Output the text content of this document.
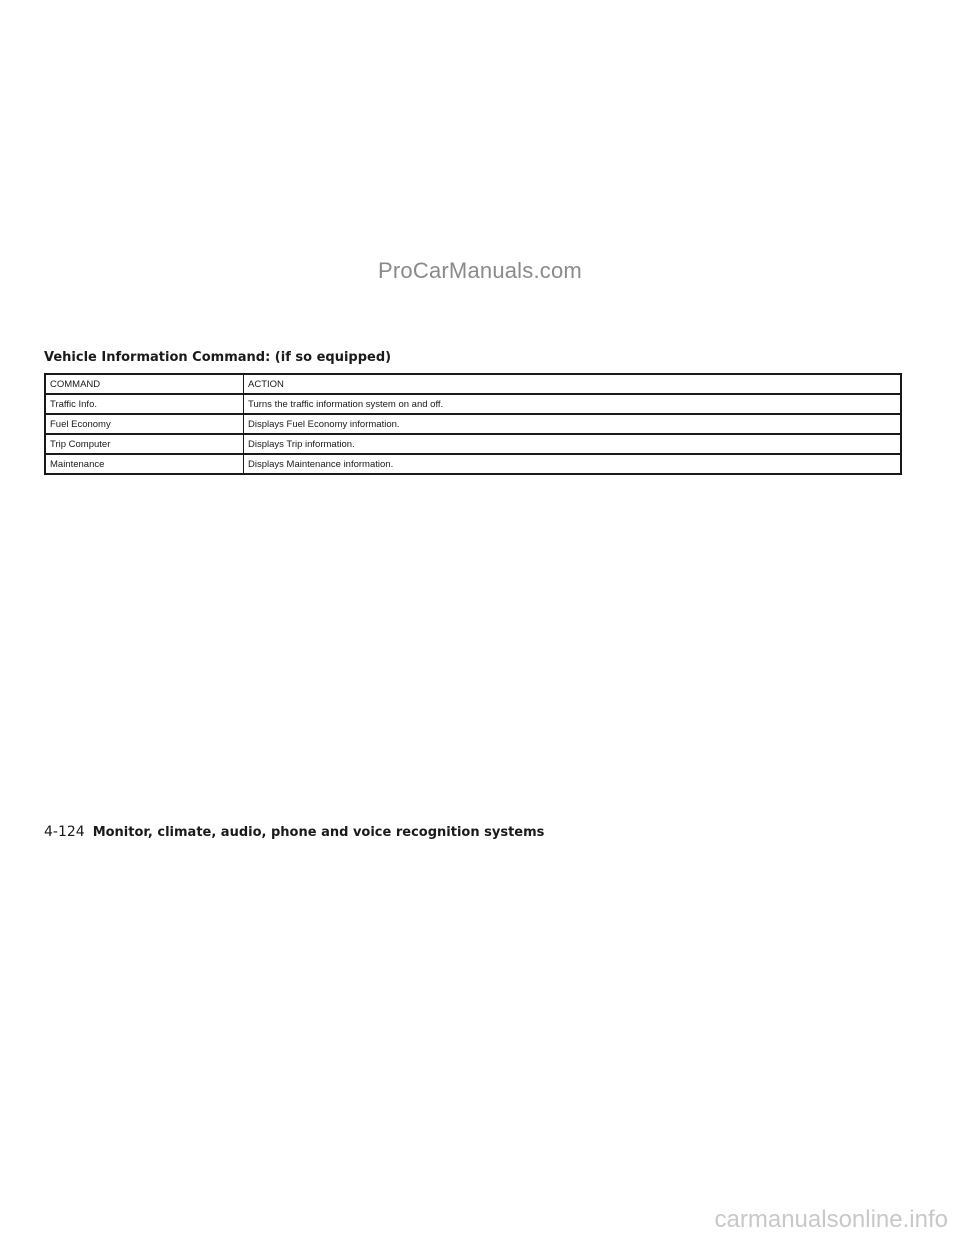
ProCarManuals.com
Vehicle Information Command: (if so equipped)
COMMAND	ACTION
Traffic Info.	Turns the traffic information system on and off.
Fuel Economy	Displays Fuel Economy information.
Trip Computer	Displays Trip information.
Maintenance	Displays Maintenance information.
4-124 Monitor, climate, audio, phone and voice recognition systems
carmanualsonline.info
